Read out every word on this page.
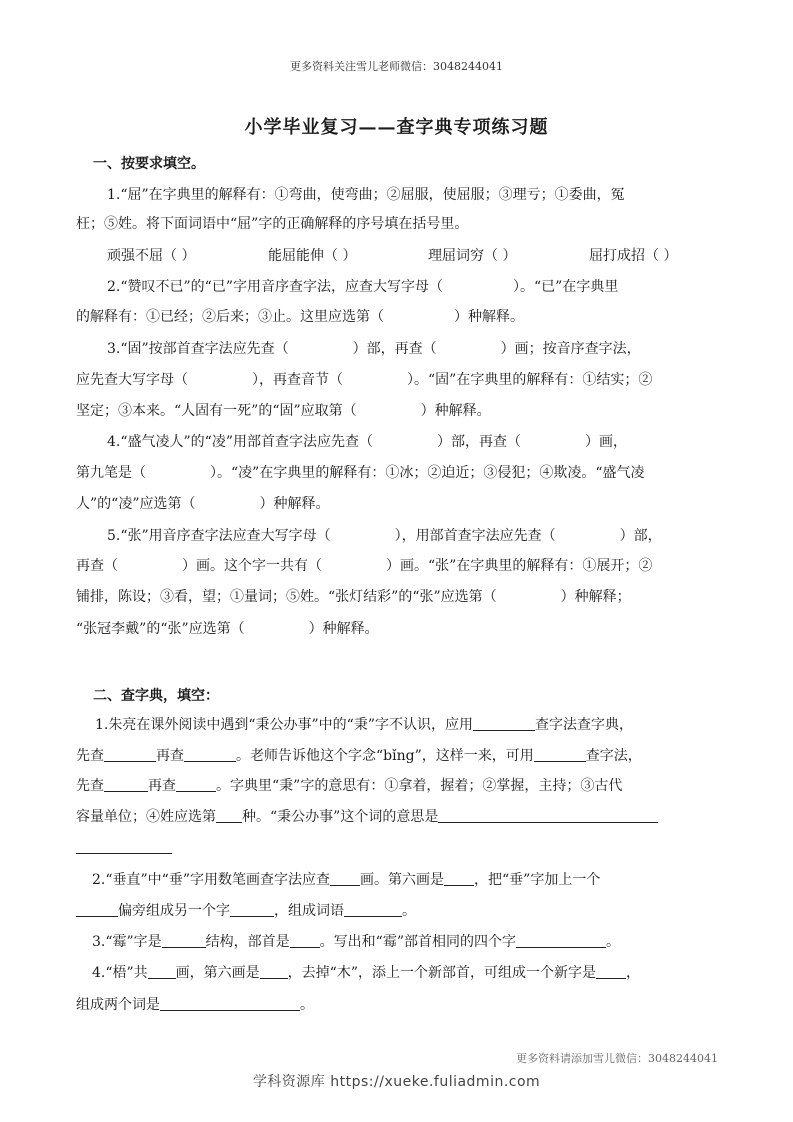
更多资料关注雪儿老师微信：3048244041
小学毕业复习——查字典专项练习题
一、按要求填空。
1.“屈”在字典里的解释有：①弯曲，使弯曲；②屈服，使屈服；③理亏；①委曲，冤
枉；⑤姓。将下面词语中“屈”字的正确解释的序号填在括号里。
顽强不屈（ ）	能屈能伸（ ）	理屈词穷（ ）	屈打成招（ ）
2.“赞叹不已”的“已”字用音序查字法，应查大写字母（	）。“已”在字典里
的解释有：①已经；②后来；③止。这里应选第（	）种解释。
3.“固”按部首查字法应先查（	）部，再查（	）画；按音序查字法，
应先查大写字母（	），再查音节（	）。“固”在字典里的解释有：①结实；②
坚定；③本来。“人固有一死”的“固”应取第（	）种解释。
4.“盛气凌人”的“凌”用部首查字法应先查（	）部，再查（	）画，
第九笔是（	）。“凌”在字典里的解释有：①冰；②迫近；③侵犯；④欺凌。“盛气凌
人”的“凌”应选第（	）种解释。
5.“张”用音序查字法应查大写字母（	），用部首查字法应先查（	）部，
再查（	）画。这个字一共有（	）画。“张”在字典里的解释有：①展开；②
铺排，陈设；③看，望；①量词；⑤姓。“张灯结彩”的“张”应选第（	）种解释；
“张冠李戴”的“张”应选第（	）种解释。
二、查字典，填空：
1.朱亮在课外阅读中遇到“秉公办事”中的“秉”字不认识，应用	查字法查字典，
先查	再查	。老师告诉他这个字念“bǐng”，这样一来，可用	查字法，
先查	再查	。字典里“秉”字的意思有：①拿着，握着；②掌握，主持；③古代
容量单位；④姓应选第 种。“秉公办事”这个词的意思是
2.“垂直”中“垂”字用数笔画查字法应查 画。第六画是 ，把“垂”字加上一个
偏旁组成另一个字	，组成词语	。
3.“霉”字是	结构，部首是 。写出和“霉”部首相同的四个字	。
4.“梧”共 画，第六画是 ，去掉“木”，添上一个新部首，可组成一个新字是 ，
组成两个词是	。
更多资料请添加雪儿微信：3048244041
学科资源库 https://xueke.fuliadmin.com
